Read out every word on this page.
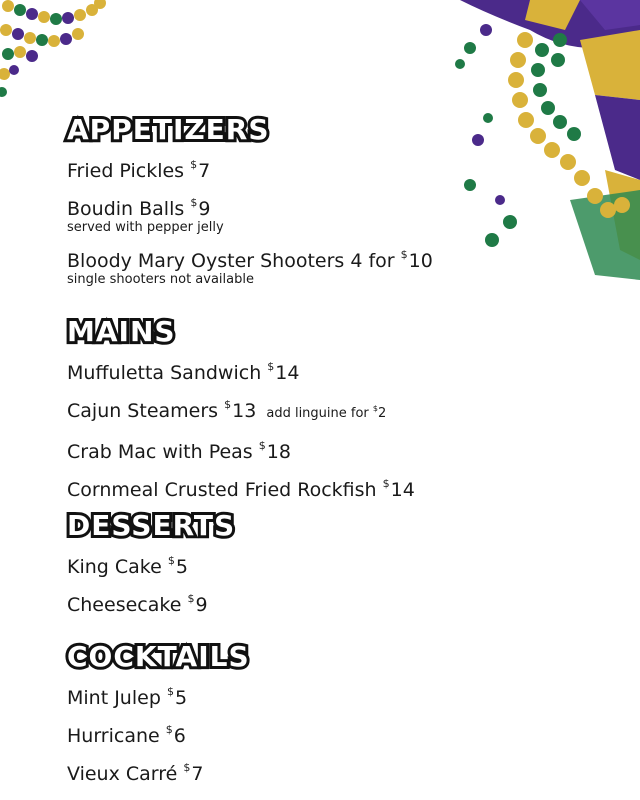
APPETIZERS
Fried Pickles $7
Boudin Balls $9
served with pepper jelly
Bloody Mary Oyster Shooters 4 for $10
single shooters not available
MAINS
Muffuletta Sandwich $14
Cajun Steamers $13 add linguine for $2
Crab Mac with Peas $18
Cornmeal Crusted Fried Rockfish $14
DESSERTS
King Cake $5
Cheesecake $9
COCKTAILS
Mint Julep $5
Hurricane $6
Vieux Carré $7
